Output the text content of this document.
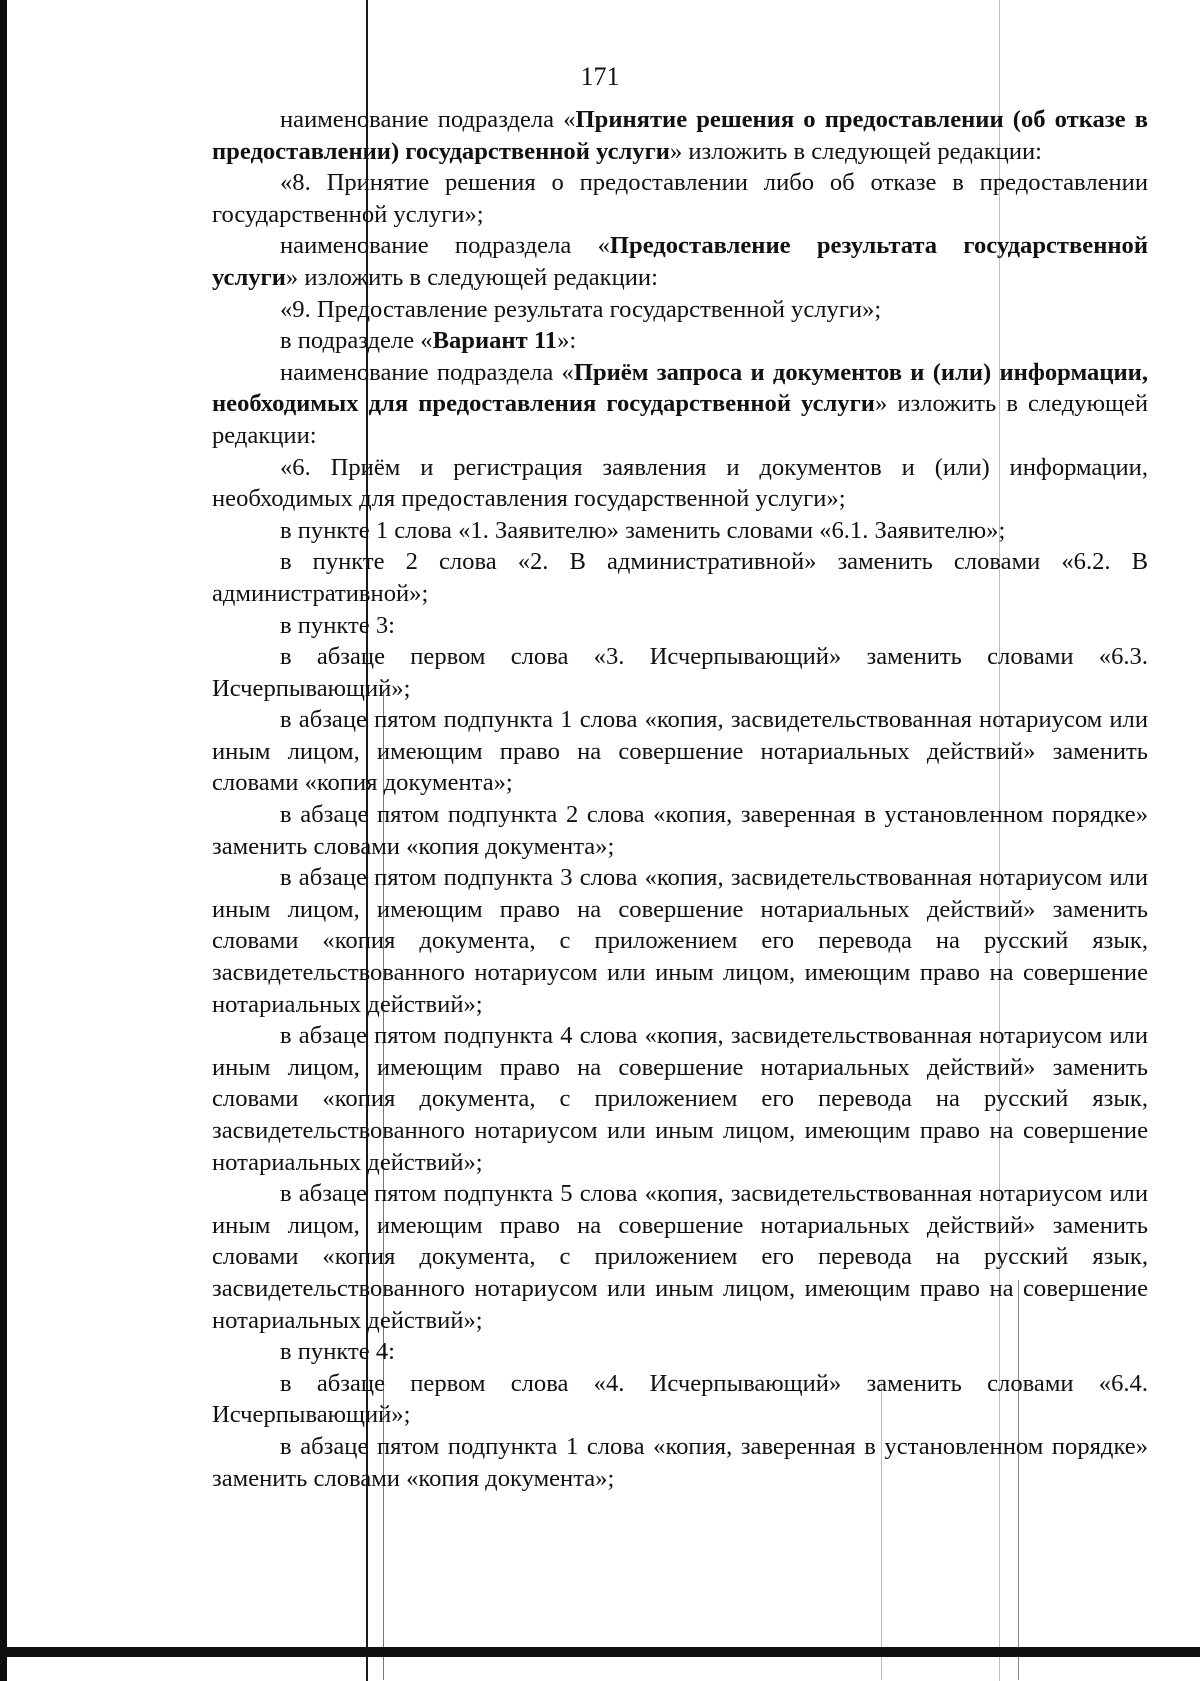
171

наименование подраздела «Принятие решения о предоставлении (об отказе в предоставлении) государственной услуги» изложить в следующей редакции:

«8. Принятие решения о предоставлении либо об отказе в предоставлении государственной услуги»;

наименование подраздела «Предоставление результата государственной услуги» изложить в следующей редакции:

«9. Предоставление результата государственной услуги»;

в подразделе «Вариант 11»:

наименование подраздела «Приём запроса и документов и (или) информации, необходимых для предоставления государственной услуги» изложить в следующей редакции:

«6. Приём и регистрация заявления и документов и (или) информации, необходимых для предоставления государственной услуги»;

в пункте 1 слова «1. Заявителю» заменить словами «6.1. Заявителю»;

в пункте 2 слова «2. В административной» заменить словами «6.2. В административной»;

в пункте 3:

в абзаце первом слова «3. Исчерпывающий» заменить словами «6.3. Исчерпывающий»;

в абзаце пятом подпункта 1 слова «копия, засвидетельствованная нотариусом или иным лицом, имеющим право на совершение нотариальных действий» заменить словами «копия документа»;

в абзаце пятом подпункта 2 слова «копия, заверенная в установленном порядке» заменить словами «копия документа»;

в абзаце пятом подпункта 3 слова «копия, засвидетельствованная нотариусом или иным лицом, имеющим право на совершение нотариальных действий» заменить словами «копия документа, с приложением его перевода на русский язык, засвидетельствованного нотариусом или иным лицом, имеющим право на совершение нотариальных действий»;

в абзаце пятом подпункта 4 слова «копия, засвидетельствованная нотариусом или иным лицом, имеющим право на совершение нотариальных действий» заменить словами «копия документа, с приложением его перевода на русский язык, засвидетельствованного нотариусом или иным лицом, имеющим право на совершение нотариальных действий»;

в абзаце пятом подпункта 5 слова «копия, засвидетельствованная нотариусом или иным лицом, имеющим право на совершение нотариальных действий» заменить словами «копия документа, с приложением его перевода на русский язык, засвидетельствованного нотариусом или иным лицом, имеющим право на совершение нотариальных действий»;

в пункте 4:

в абзаце первом слова «4. Исчерпывающий» заменить словами «6.4. Исчерпывающий»;

в абзаце пятом подпункта 1 слова «копия, заверенная в установленном порядке» заменить словами «копия документа»;
